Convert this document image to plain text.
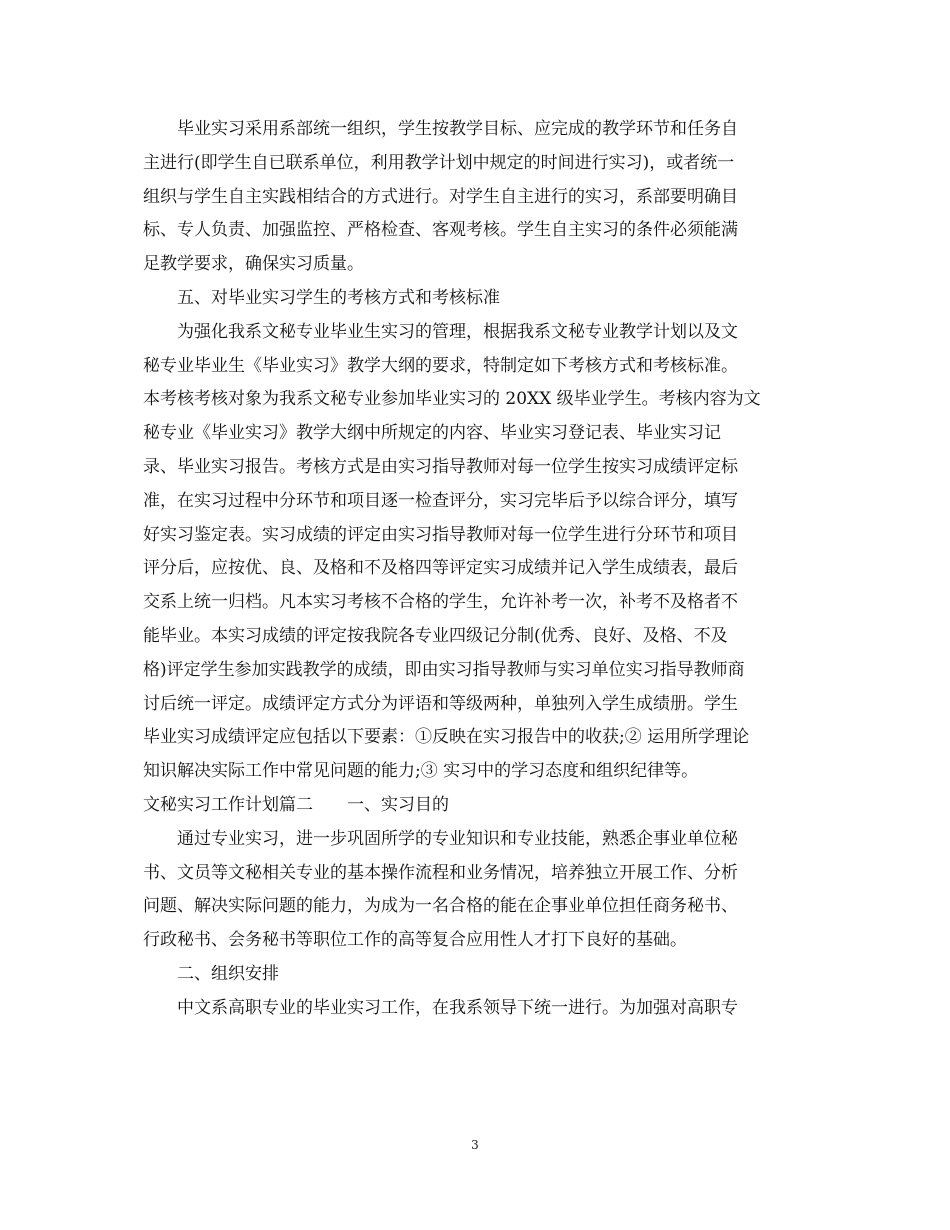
毕业实习采用系部统一组织，学生按教学目标、应完成的教学环节和任务自
主进行(即学生自已联系单位，利用教学计划中规定的时间进行实习)，或者统一
组织与学生自主实践相结合的方式进行。对学生自主进行的实习，系部要明确目
标、专人负责、加强监控、严格检查、客观考核。学生自主实习的条件必须能满
足教学要求，确保实习质量。
五、对毕业实习学生的考核方式和考核标准
为强化我系文秘专业毕业生实习的管理，根据我系文秘专业教学计划以及文
秘专业毕业生《毕业实习》教学大纲的要求，特制定如下考核方式和考核标准。
本考核考核对象为我系文秘专业参加毕业实习的 20XX 级毕业学生。考核内容为文
秘专业《毕业实习》教学大纲中所规定的内容、毕业实习登记表、毕业实习记
录、毕业实习报告。考核方式是由实习指导教师对每一位学生按实习成绩评定标
准，在实习过程中分环节和项目逐一检查评分，实习完毕后予以综合评分，填写
好实习鉴定表。实习成绩的评定由实习指导教师对每一位学生进行分环节和项目
评分后，应按优、良、及格和不及格四等评定实习成绩并记入学生成绩表，最后
交系上统一归档。凡本实习考核不合格的学生，允许补考一次，补考不及格者不
能毕业。本实习成绩的评定按我院各专业四级记分制(优秀、良好、及格、不及
格)评定学生参加实践教学的成绩，即由实习指导教师与实习单位实习指导教师商
讨后统一评定。成绩评定方式分为评语和等级两种，单独列入学生成绩册。学生
毕业实习成绩评定应包括以下要素：①反映在实习报告中的收获;② 运用所学理论
知识解决实际工作中常见问题的能力;③ 实习中的学习态度和组织纪律等。
文秘实习工作计划篇二　　一、实习目的
通过专业实习，进一步巩固所学的专业知识和专业技能，熟悉企事业单位秘
书、文员等文秘相关专业的基本操作流程和业务情况，培养独立开展工作、分析
问题、解决实际问题的能力，为成为一名合格的能在企事业单位担任商务秘书、
行政秘书、会务秘书等职位工作的高等复合应用性人才打下良好的基础。
二、组织安排
中文系高职专业的毕业实习工作，在我系领导下统一进行。为加强对高职专
3
